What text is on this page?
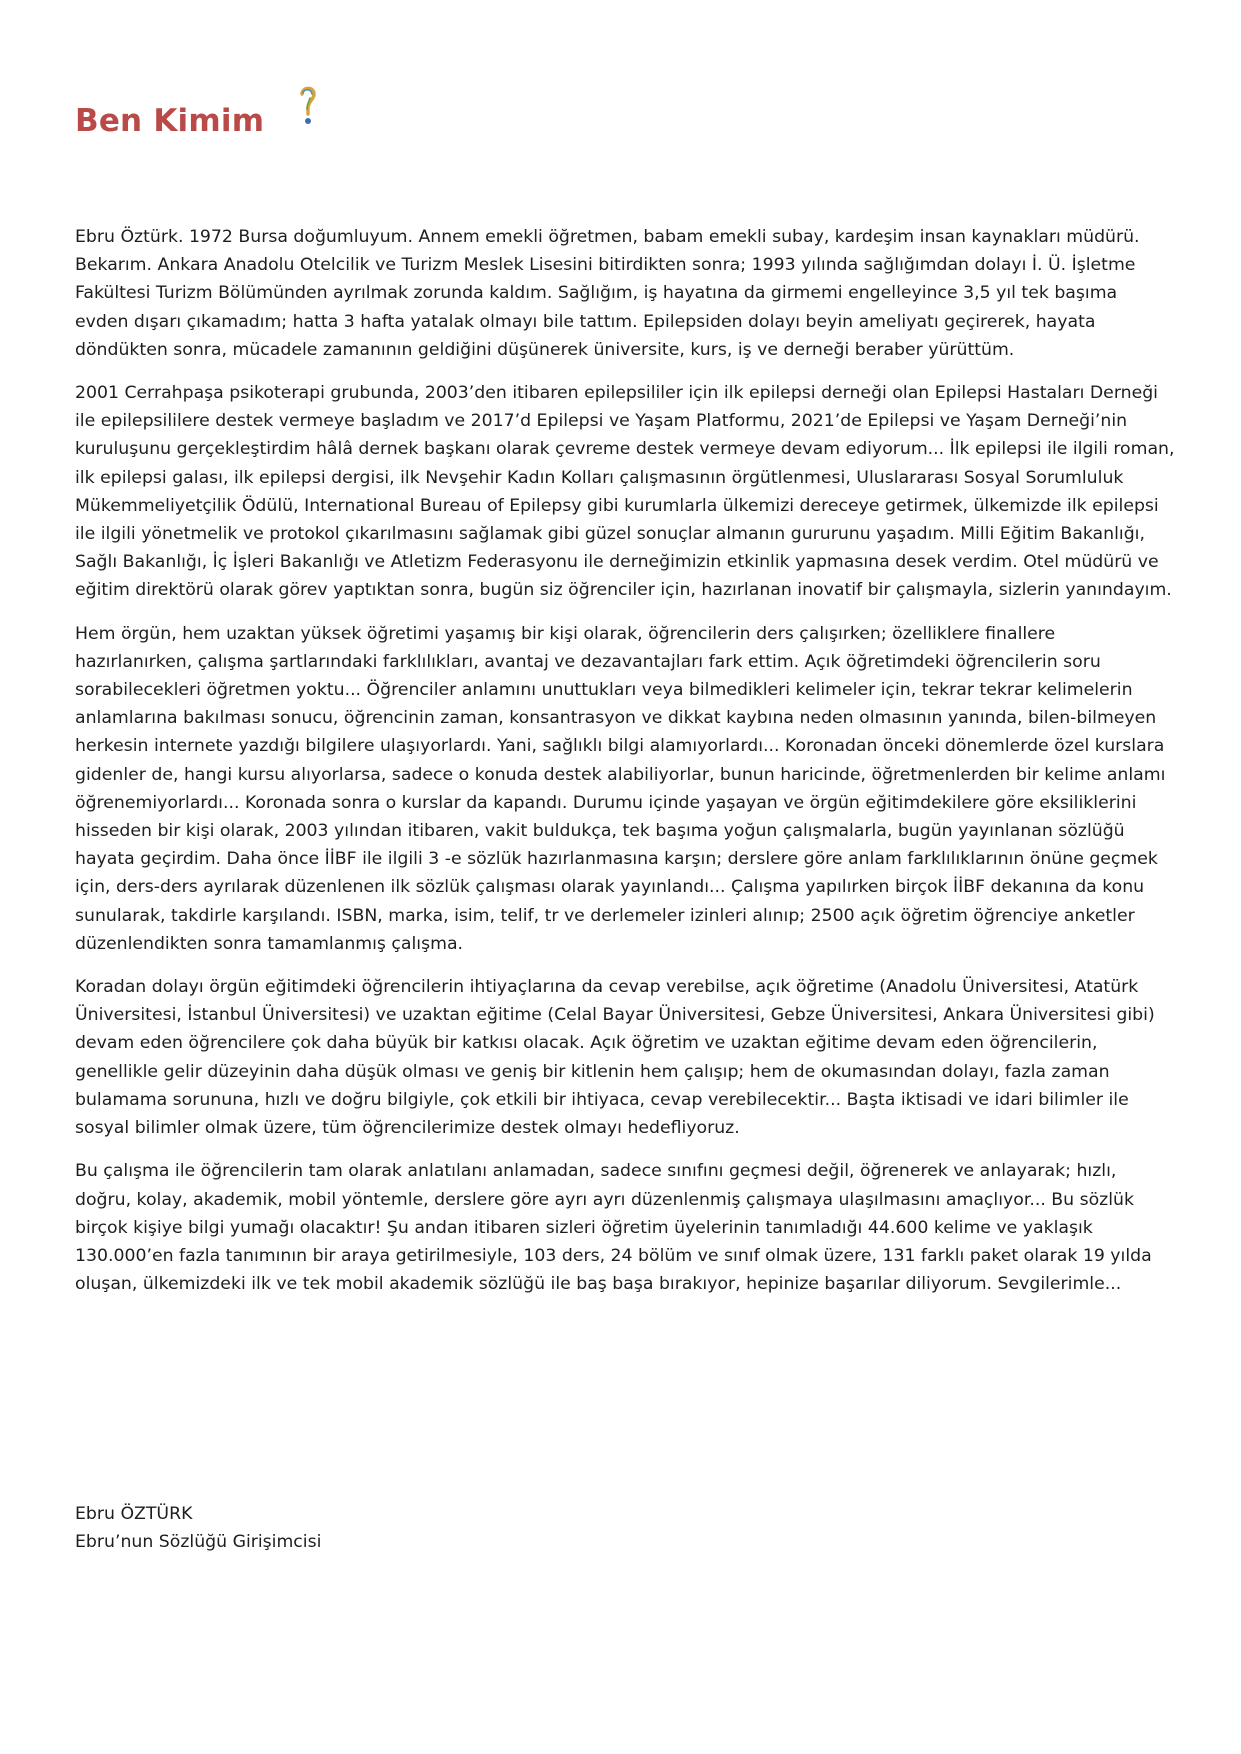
Ben Kimim

Ebru Öztürk. 1972 Bursa doğumluyum. Annem emekli öğretmen, babam emekli subay, kardeşim insan kaynakları müdürü. Bekarım. Ankara Anadolu Otelcilik ve Turizm Meslek Lisesini bitirdikten sonra; 1993 yılında sağlığımdan dolayı İ. Ü. İşletme Fakültesi Turizm Bölümünden ayrılmak zorunda kaldım. Sağlığım, iş hayatına da girmemi engelleyince 3,5 yıl tek başıma evden dışarı çıkamadım; hatta 3 hafta yatalak olmayı bile tattım. Epilepsiden dolayı beyin ameliyatı geçirerek, hayata döndükten sonra, mücadele zamanının geldiğini düşünerek üniversite, kurs, iş ve derneği beraber yürüttüm.

2001 Cerrahpaşa psikoterapi grubunda, 2003’den itibaren epilepsililer için ilk epilepsi derneği olan Epilepsi Hastaları Derneği ile epilepsililere destek vermeye başladım ve 2017’d Epilepsi ve Yaşam Platformu, 2021’de Epilepsi ve Yaşam Derneği’nin kuruluşunu gerçekleştirdim hâlâ dernek başkanı olarak çevreme destek vermeye devam ediyorum... İlk epilepsi ile ilgili roman, ilk epilepsi galası, ilk epilepsi dergisi, ilk Nevşehir Kadın Kolları çalışmasının örgütlenmesi, Uluslararası Sosyal Sorumluluk Mükemmeliyetçilik Ödülü, International Bureau of Epilepsy gibi kurumlarla ülkemizi dereceye getirmek, ülkemizde ilk epilepsi ile ilgili yönetmelik ve protokol çıkarılmasını sağlamak gibi güzel sonuçlar almanın gururunu yaşadım. Milli Eğitim Bakanlığı, Sağlı Bakanlığı, İç İşleri Bakanlığı ve Atletizm Federasyonu ile derneğimizin etkinlik yapmasına desek verdim. Otel müdürü ve eğitim direktörü olarak görev yaptıktan sonra, bugün siz öğrenciler için, hazırlanan inovatif bir çalışmayla, sizlerin yanındayım.

Hem örgün, hem uzaktan yüksek öğretimi yaşamış bir kişi olarak, öğrencilerin ders çalışırken; özelliklere finallere hazırlanırken, çalışma şartlarındaki farklılıkları, avantaj ve dezavantajları fark ettim. Açık öğretimdeki öğrencilerin soru sorabilecekleri öğretmen yoktu... Öğrenciler anlamını unuttukları veya bilmedikleri kelimeler için, tekrar tekrar kelimelerin anlamlarına bakılması sonucu, öğrencinin zaman, konsantrasyon ve dikkat kaybına neden olmasının yanında, bilen-bilmeyen herkesin internete yazdığı bilgilere ulaşıyorlardı. Yani, sağlıklı bilgi alamıyorlardı... Koronadan önceki dönemlerde özel kurslara gidenler de, hangi kursu alıyorlarsa, sadece o konuda destek alabiliyorlar, bunun haricinde, öğretmenlerden bir kelime anlamı öğrenemiyorlardı... Koronada sonra o kurslar da kapandı. Durumu içinde yaşayan ve örgün eğitimdekilere göre eksiliklerini hisseden bir kişi olarak, 2003 yılından itibaren, vakit buldukça, tek başıma yoğun çalışmalarla, bugün yayınlanan sözlüğü hayata geçirdim. Daha önce İİBF ile ilgili 3 -e sözlük hazırlanmasına karşın; derslere göre anlam farklılıklarının önüne geçmek için, ders-ders ayrılarak düzenlenen ilk sözlük çalışması olarak yayınlandı... Çalışma yapılırken birçok İİBF dekanına da konu sunularak, takdirle karşılandı. ISBN, marka, isim, telif, tr ve derlemeler izinleri alınıp; 2500 açık öğretim öğrenciye anketler düzenlendikten sonra tamamlanmış çalışma.

Koradan dolayı örgün eğitimdeki öğrencilerin ihtiyaçlarına da cevap verebilse, açık öğretime (Anadolu Üniversitesi, Atatürk Üniversitesi, İstanbul Üniversitesi) ve uzaktan eğitime (Celal Bayar Üniversitesi, Gebze Üniversitesi, Ankara Üniversitesi gibi) devam eden öğrencilere çok daha büyük bir katkısı olacak. Açık öğretim ve uzaktan eğitime devam eden öğrencilerin, genellikle gelir düzeyinin daha düşük olması ve geniş bir kitlenin hem çalışıp; hem de okumasından dolayı, fazla zaman bulamama sorununa, hızlı ve doğru bilgiyle, çok etkili bir ihtiyaca, cevap verebilecektir... Başta iktisadi ve idari bilimler ile sosyal bilimler olmak üzere, tüm öğrencilerimize destek olmayı hedefliyoruz.

Bu çalışma ile öğrencilerin tam olarak anlatılanı anlamadan, sadece sınıfını geçmesi değil, öğrenerek ve anlayarak; hızlı, doğru, kolay, akademik, mobil yöntemle, derslere göre ayrı ayrı düzenlenmiş çalışmaya ulaşılmasını amaçlıyor... Bu sözlük birçok kişiye bilgi yumağı olacaktır! Şu andan itibaren sizleri öğretim üyelerinin tanımladığı 44.600 kelime ve yaklaşık 130.000’en fazla tanımının bir araya getirilmesiyle, 103 ders, 24 bölüm ve sınıf olmak üzere, 131 farklı paket olarak 19 yılda oluşan, ülkemizdeki ilk ve tek mobil akademik sözlüğü ile baş başa bırakıyor, hepinize başarılar diliyorum. Sevgilerimle...

Ebru ÖZTÜRK
Ebru’nun Sözlüğü Girişimcisi
